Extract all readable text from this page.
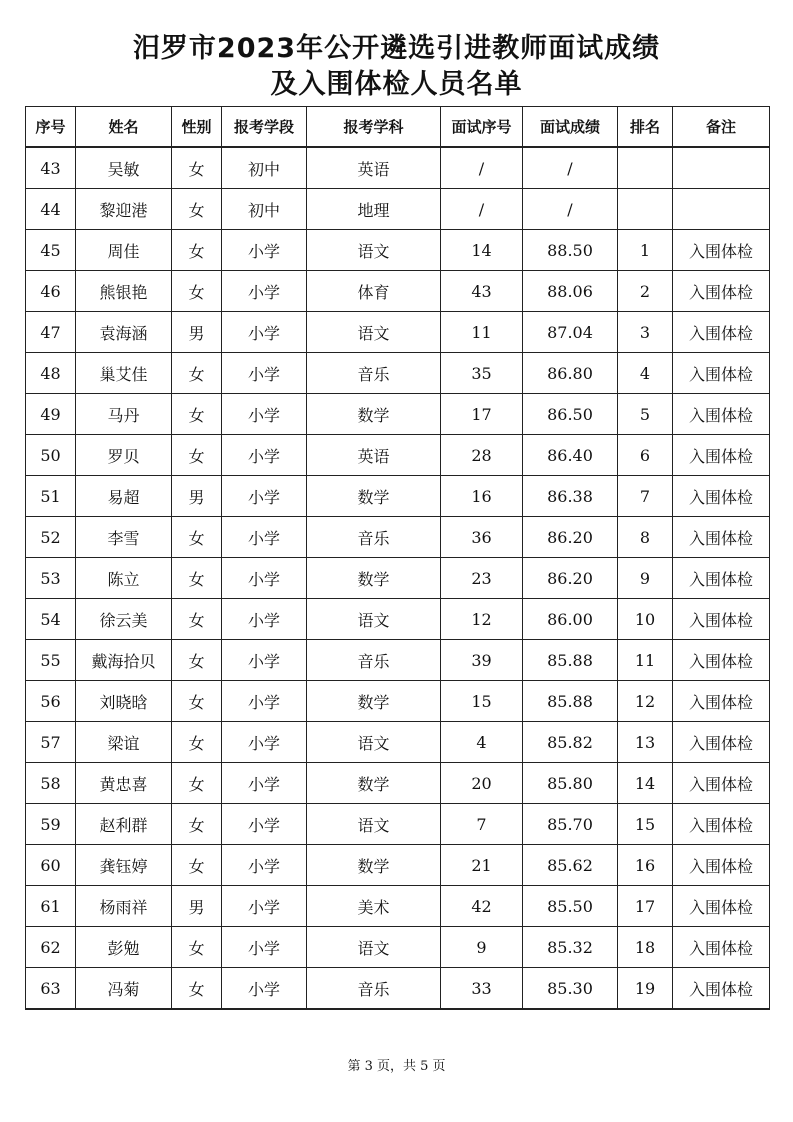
汨罗市2023年公开遴选引进教师面试成绩
及入围体检人员名单
序号	姓名	性别	报考学段	报考学科	面试序号	面试成绩	排名	备注
43	吴敏	女	初中	英语	/	/		
44	黎迎港	女	初中	地理	/	/		
45	周佳	女	小学	语文	14	88.50	1	入围体检
46	熊银艳	女	小学	体育	43	88.06	2	入围体检
47	袁海涵	男	小学	语文	11	87.04	3	入围体检
48	巢艾佳	女	小学	音乐	35	86.80	4	入围体检
49	马丹	女	小学	数学	17	86.50	5	入围体检
50	罗贝	女	小学	英语	28	86.40	6	入围体检
51	易超	男	小学	数学	16	86.38	7	入围体检
52	李雪	女	小学	音乐	36	86.20	8	入围体检
53	陈立	女	小学	数学	23	86.20	9	入围体检
54	徐云美	女	小学	语文	12	86.00	10	入围体检
55	戴海拾贝	女	小学	音乐	39	85.88	11	入围体检
56	刘晓晗	女	小学	数学	15	85.88	12	入围体检
57	梁谊	女	小学	语文	4	85.82	13	入围体检
58	黄忠喜	女	小学	数学	20	85.80	14	入围体检
59	赵利群	女	小学	语文	7	85.70	15	入围体检
60	龚钰婷	女	小学	数学	21	85.62	16	入围体检
61	杨雨祥	男	小学	美术	42	85.50	17	入围体检
62	彭勉	女	小学	语文	9	85.32	18	入围体检
63	冯菊	女	小学	音乐	33	85.30	19	入围体检
第 3 页，共 5 页
